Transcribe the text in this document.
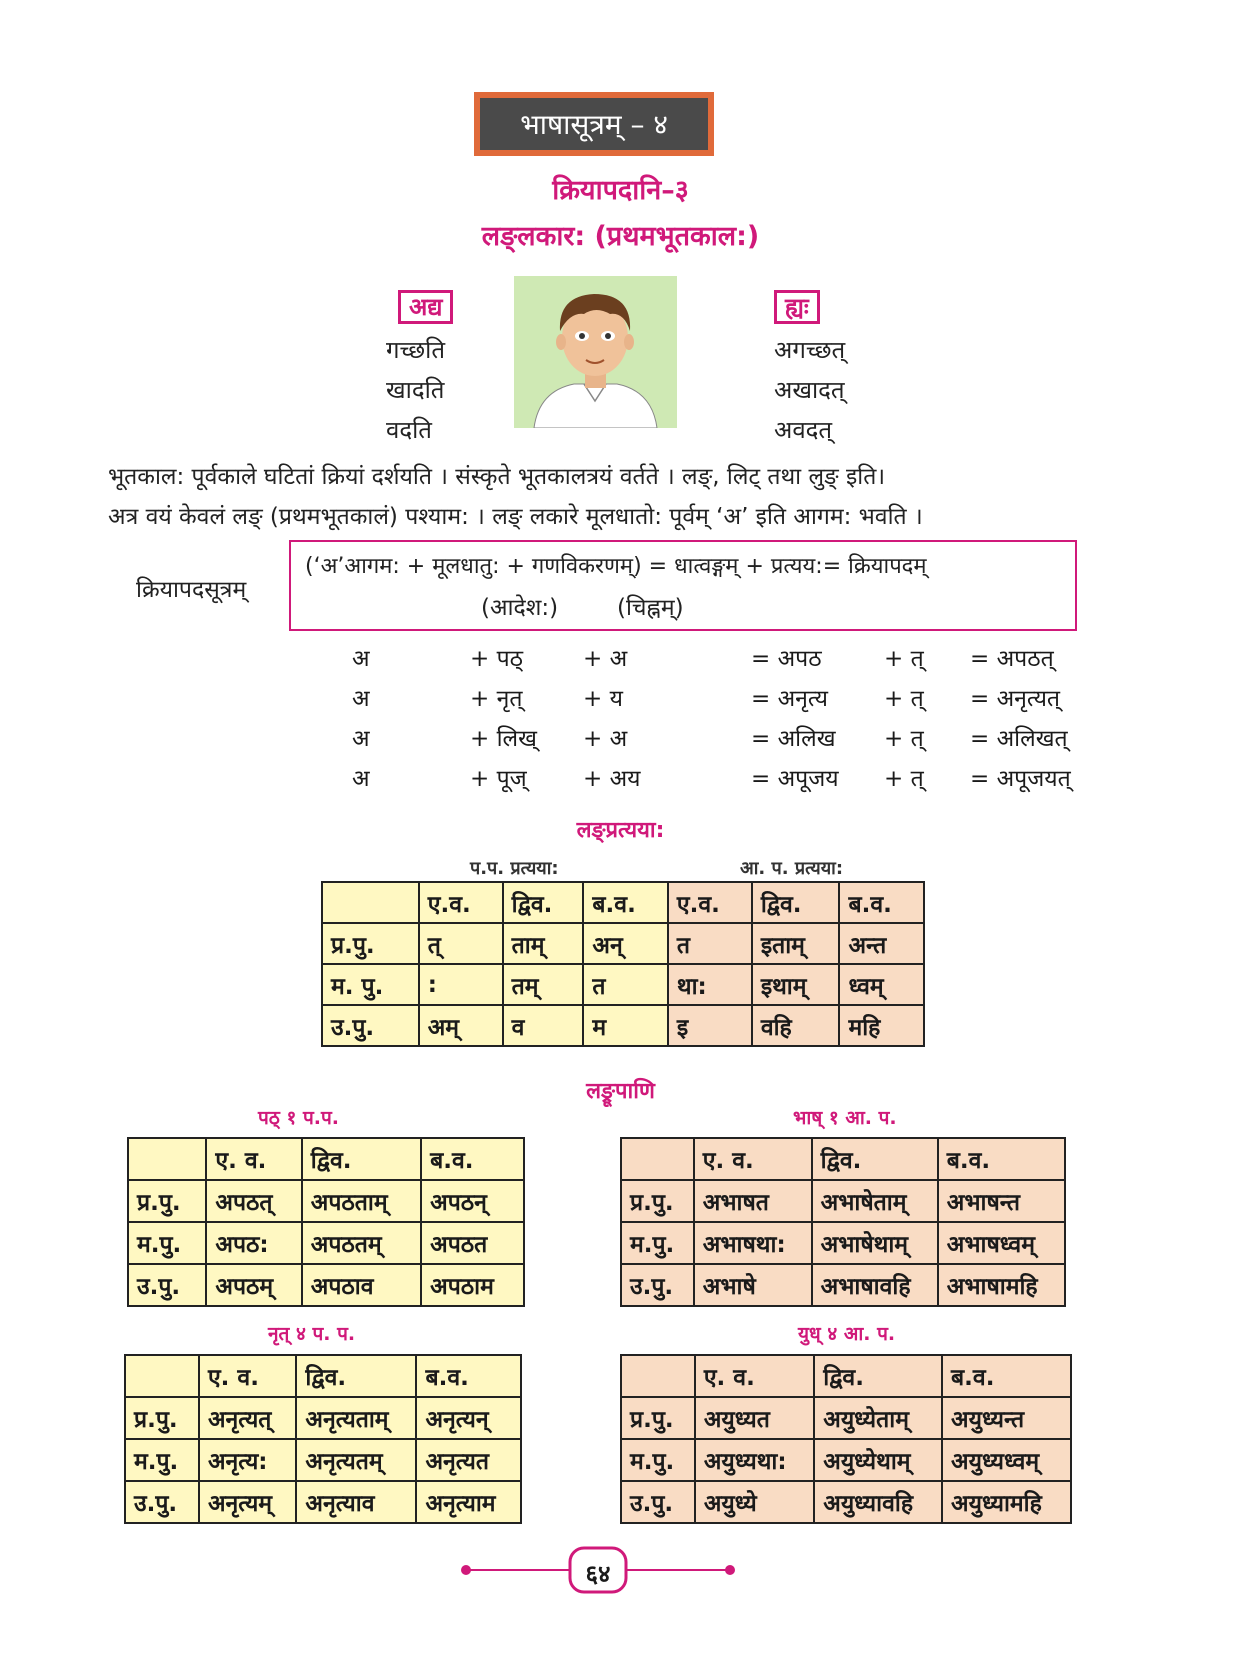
भाषासूत्रम् – ४
क्रियापदानि–३
लङ्लकार: (प्रथमभूतकाल:)
अद्य
गच्छति
खादति
वदति
ह्यः
अगच्छत्
अखादत्
अवदत्
भूतकाल: पूर्वकाले घटितां क्रियां दर्शयति । संस्कृते भूतकालत्रयं वर्तते । लङ्, लिट् तथा लुङ् इति।
अत्र वयं केवलं लङ् (प्रथमभूतकालं) पश्याम: । लङ् लकारे मूलधातो: पूर्वम् ‘अ’ इति आगम: भवति ।
क्रियापदसूत्रम्
(‘अ’आगम: + मूलधातु: + गणविकरणम्) = धात्वङ्गम् + प्रत्यय:= क्रियापदम्
(आदेश:)	(चिह्नम्)
अ	+ पठ्	+ अ	= अपठ	+ त् = अपठत्
अ	+ नृत्	+ य	= अनृत्य + त् = अनृत्यत्
अ	+ लिख् + अ	= अलिख + त् = अलिखत्
अ	+ पूज् + अय	= अपूजय + त् = अपूजयत्
लङ्प्रत्यया:
प.प. प्रत्यया:	आ. प. प्रत्यया:
	ए.व.	द्विव.	ब.व.	ए.व.	द्विव.	ब.व.
प्र.पु.	त्	ताम्	अन्	त	इताम्	अन्त
म. पु.	:	तम्	त	था:	इथाम्	ध्वम्
उ.पु.	अम्	व	म	इ	वहि	महि
लङ्रूपाणि
पठ् १ प.प.	भाष् १ आ. प.
नृत् ४ प. प.	युध् ४ आ. प.
	ए. व.	द्विव.	ब.व.
प्र.पु.	अपठत्	अपठताम्	अपठन्
म.पु.	अपठ:	अपठतम्	अपठत
उ.पु.	अपठम्	अपठाव	अपठाम
	ए. व.	द्विव.	ब.व.
प्र.पु.	अभाषत	अभाषेताम्	अभाषन्त
म.पु.	अभाषथा:	अभाषेथाम्	अभाषध्वम्
उ.पु.	अभाषे	अभाषावहि	अभाषामहि
	ए. व.	द्विव.	ब.व.
प्र.पु.	अनृत्यत्	अनृत्यताम्	अनृत्यन्
म.पु.	अनृत्य:	अनृत्यतम्	अनृत्यत
उ.पु.	अनृत्यम्	अनृत्याव	अनृत्याम
	ए. व.	द्विव.	ब.व.
प्र.पु.	अयुध्यत	अयुध्येताम्	अयुध्यन्त
म.पु.	अयुध्यथा:	अयुध्येथाम्	अयुध्यध्वम्
उ.पु.	अयुध्ये	अयुध्यावहि	अयुध्यामहि
६४
